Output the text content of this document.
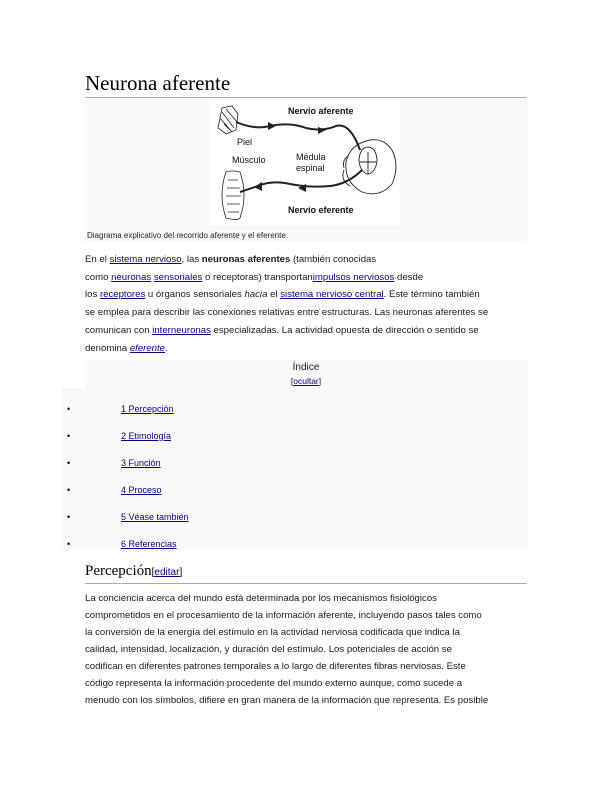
Neurona aferente
Nervio aferente
Piel
Músculo	Médula
espinal
Nervio eferente
Diagrama explicativo del recorrido aferente y el eferente.
En el sistema nervioso, las neuronas aferentes (también conocidas
como neuronas sensoriales o receptoras) transportanimpulsos nerviosos desde
los receptores u órganos sensoriales hacia el sistema nervioso central. Este término también
se emplea para describir las conexiones relativas entre estructuras. Las neuronas aferentes se
comunican con interneuronas especializadas. La actividad opuesta de dirección o sentido se
denomina eferente.
Índice
[ocultar]
•	1 Percepción
•	2 Etimología
•	3 Función
•	4 Proceso
•	5 Véase también
•	6 Referencias
Percepción[editar]
La conciencia acerca del mundo está determinada por los mecanismos fisiológicos
comprometidos en el procesamiento de la información aferente, incluyendo pasos tales como
la conversión de la energía del estímulo en la actividad nerviosa codificada que indica la
calidad, intensidad, localización, y duración del estímulo. Los potenciales de acción se
codifican en diferentes patrones temporales a lo largo de diferentes fibras nerviosas. Este
código representa la información procedente del mundo externo aunque, como sucede a
menudo con los símbolos, difiere en gran manera de la información que representa. Es posible
